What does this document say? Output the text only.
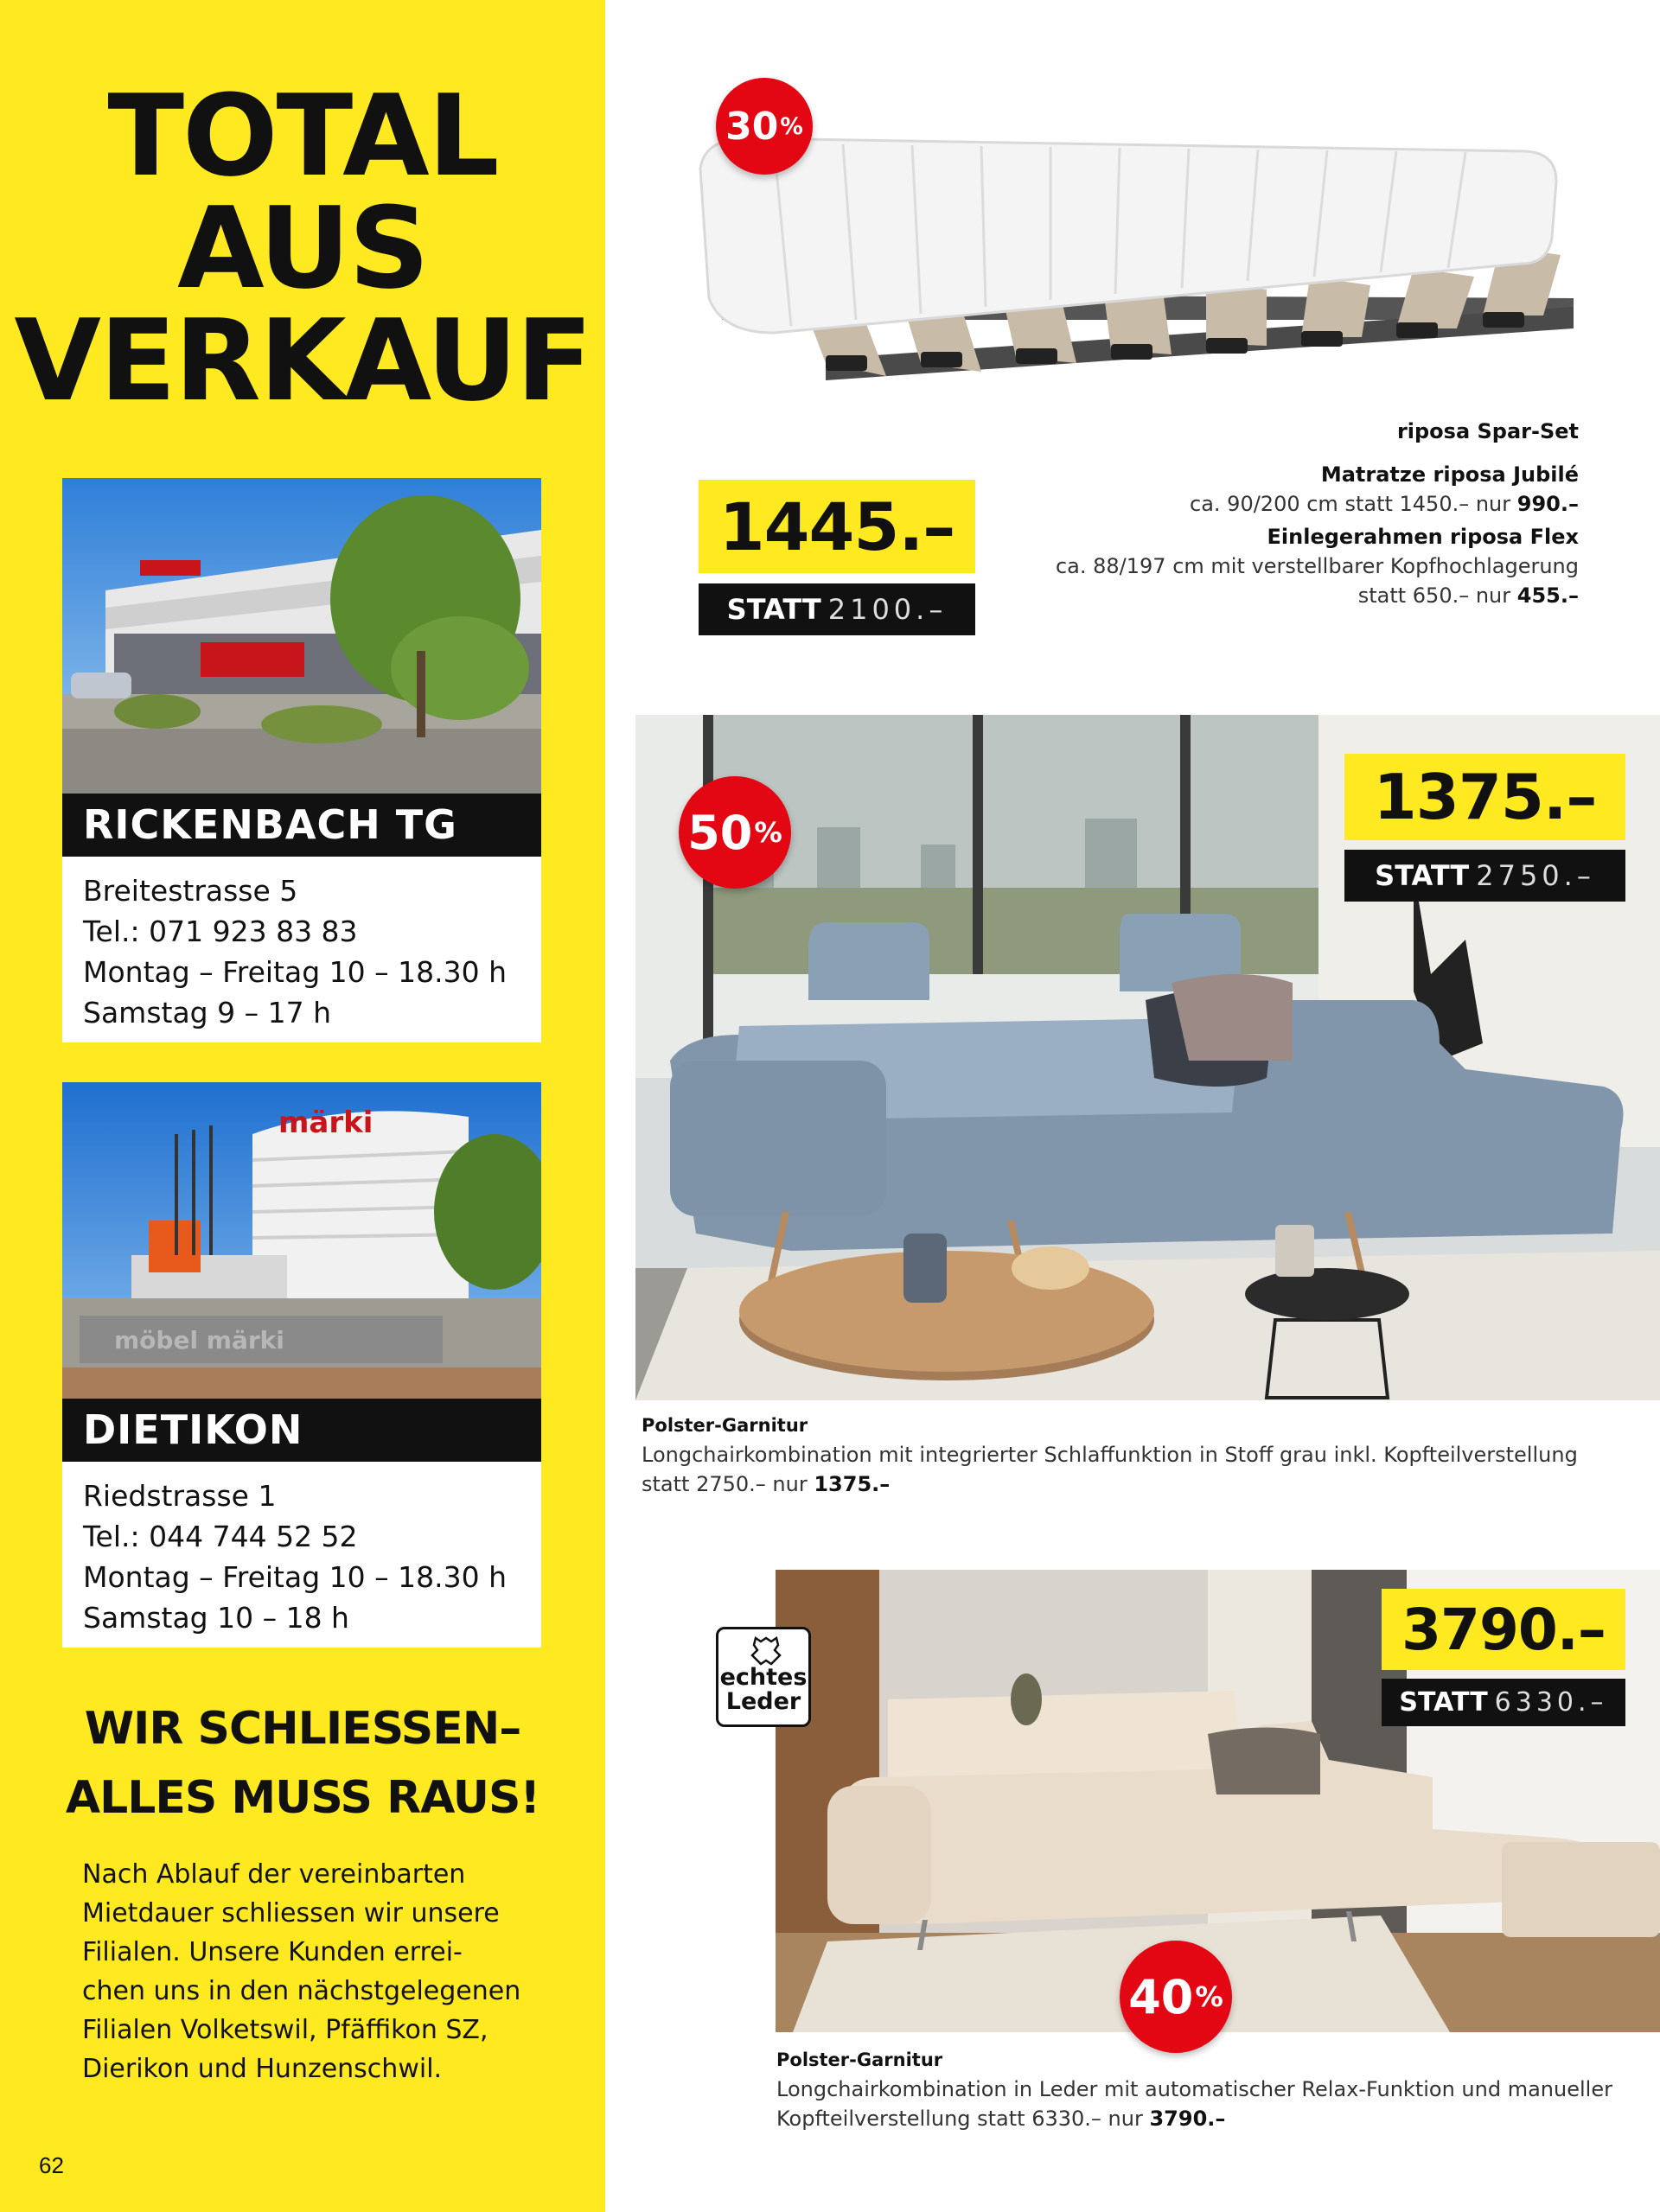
TOTAL
AUS
VERKAUF
RICKENBACH TG
Breitestrasse 5
Tel.: 071 923 83 83
Montag – Freitag 10 – 18.30 h
Samstag 9 – 17 h
märki
möbel märki
DIETIKON
Riedstrasse 1
Tel.: 044 744 52 52
Montag – Freitag 10 – 18.30 h
Samstag 10 – 18 h
WIR SCHLIESSEN–
ALLES MUSS RAUS!
Nach Ablauf der vereinbarten
Mietdauer schliessen wir unsere
Filialen. Unsere Kunden errei-
chen uns in den nächstgelegenen
Filialen Volketswil, Pfäffikon SZ,
Dierikon und Hunzenschwil.
62
30 %
1445.–
STATT 2100.–
riposa Spar-Set
Matratze riposa Jubilé
ca. 90/200 cm statt 1450.– nur 990.–
Einlegerahmen riposa Flex
ca. 88/197 cm mit verstellbarer Kopfhochlagerung
statt 650.– nur 455.–
50 %	1375.–
STATT 2750.–
Polster-Garnitur
Longchairkombination mit integrierter Schlaffunktion in Stoff grau inkl. Kopfteilverstellung
statt 2750.– nur 1375.–
40 %
3790.–
STATT 6330.–
echtes
Leder
Polster-Garnitur
Longchairkombination in Leder mit automatischer Relax-Funktion und manueller
Kopfteilverstellung statt 6330.– nur 3790.–
